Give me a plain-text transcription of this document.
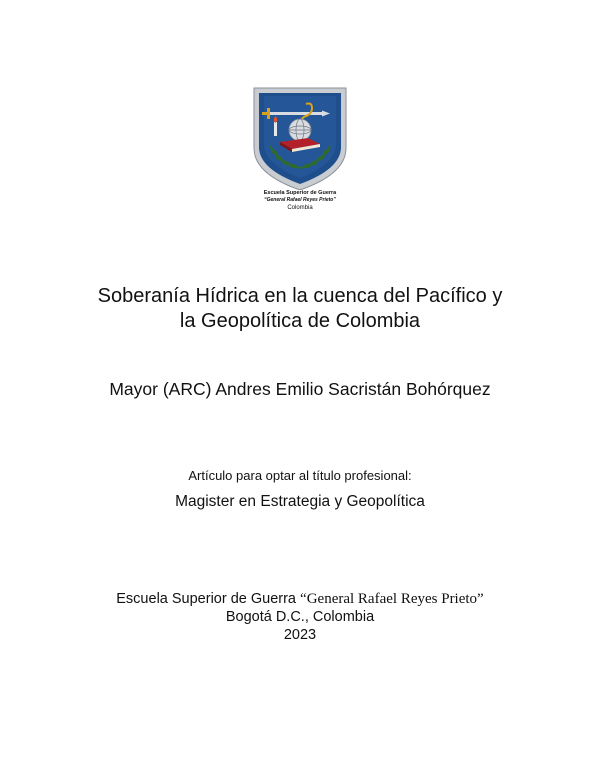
Escuela Superior de Guerra
“General Rafael Reyes Prieto”
Colombia
Soberanía Hídrica en la cuenca del Pacífico y
la Geopolítica de Colombia
Mayor (ARC) Andres Emilio Sacristán Bohórquez
Artículo para optar al título profesional:
Magister en Estrategia y Geopolítica
Escuela Superior de Guerra “General Rafael Reyes Prieto”
Bogotá D.C., Colombia
2023
